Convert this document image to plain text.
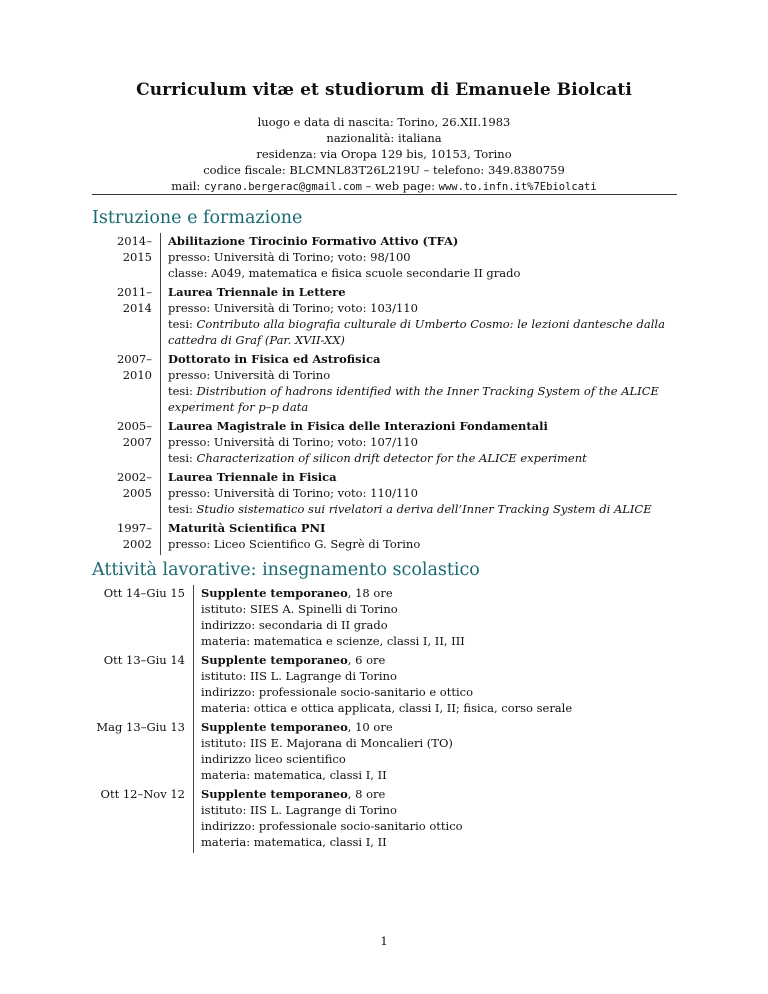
Curriculum vitæ et studiorum di Emanuele Biolcati
luogo e data di nascita: Torino, 26.XII.1983
nazionalità: italiana
residenza: via Oropa 129 bis, 10153, Torino
codice fiscale: BLCMNL83T26L219U – telefono: 349.8380759
mail: cyrano.bergerac@gmail.com – web page: www.to.infn.it%7Ebiolcati
Istruzione e formazione
2014–2015
Abilitazione Tirocinio Formativo Attivo (TFA)
presso: Università di Torino; voto: 98/100
classe: A049, matematica e fisica scuole secondarie II grado
2011–2014
Laurea Triennale in Lettere
presso: Università di Torino; voto: 103/110
tesi: Contributo alla biografia culturale di Umberto Cosmo: le lezioni dantesche dalla
cattedra di Graf (Par. XVII-XX)
2007–2010
Dottorato in Fisica ed Astrofisica
presso: Università di Torino
tesi: Distribution of hadrons identified with the Inner Tracking System of the ALICE
experiment for p–p data
2005–2007
Laurea Magistrale in Fisica delle Interazioni Fondamentali
presso: Università di Torino; voto: 107/110
tesi: Characterization of silicon drift detector for the ALICE experiment
2002–2005
Laurea Triennale in Fisica
presso: Università di Torino; voto: 110/110
tesi: Studio sistematico sui rivelatori a deriva dell’Inner Tracking System di ALICE
1997–2002
Maturità Scientifica PNI
presso: Liceo Scientifico G. Segrè di Torino
Attività lavorative: insegnamento scolastico
Ott 14–Giu 15 Supplente temporaneo, 18 ore
istituto: SIES A. Spinelli di Torino
indirizzo: secondaria di II grado
materia: matematica e scienze, classi I, II, III
Ott 13–Giu 14 Supplente temporaneo, 6 ore
istituto: IIS L. Lagrange di Torino
indirizzo: professionale socio-sanitario e ottico
materia: ottica e ottica applicata, classi I, II; fisica, corso serale
Mag 13–Giu 13 Supplente temporaneo, 10 ore
istituto: IIS E. Majorana di Moncalieri (TO)
indirizzo liceo scientifico
materia: matematica, classi I, II
Ott 12–Nov 12 Supplente temporaneo, 8 ore
istituto: IIS L. Lagrange di Torino
indirizzo: professionale socio-sanitario ottico
materia: matematica, classi I, II
1
